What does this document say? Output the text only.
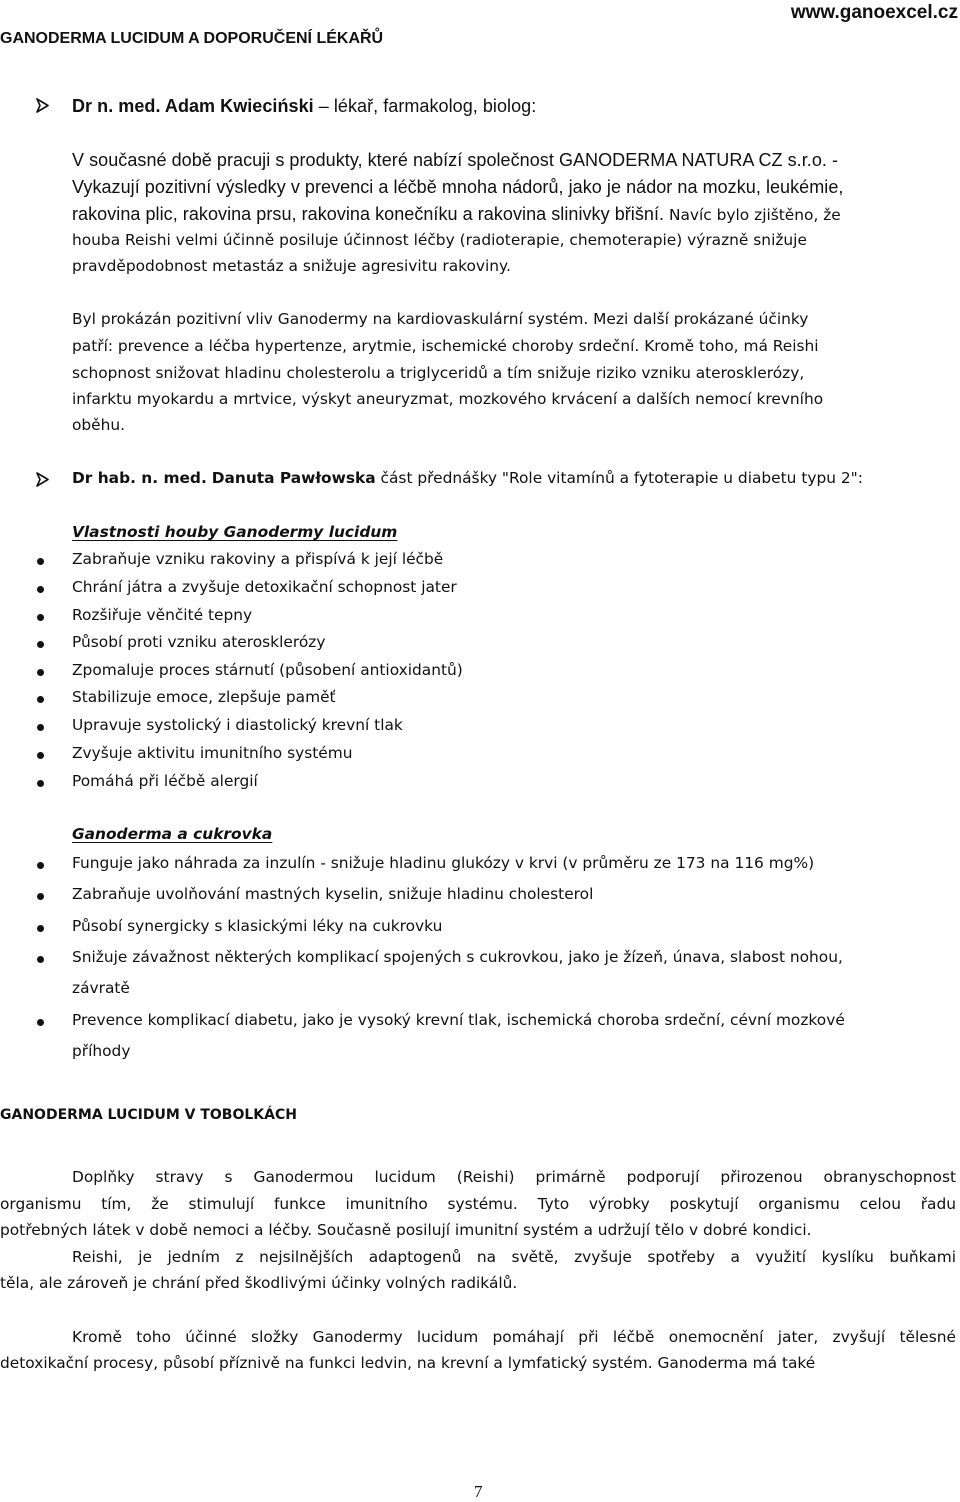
GANODERMA LUCIDUM A DOPORUČENÍ LÉKAŘŮ
www.ganoexcel.cz
Dr n. med. Adam Kwieciński – lékař, farmakolog, biolog:
V současné době pracuji s produkty, které nabízí společnost GANODERMA NATURA CZ s.r.o. -
Vykazují pozitivní výsledky v prevenci a léčbě mnoha nádorů, jako je nádor na mozku, leukémie,
rakovina plic, rakovina prsu, rakovina konečníku a rakovina slinivky břišní. Navíc bylo zjištěno, že
houba Reishi velmi účinně posiluje účinnost léčby (radioterapie, chemoterapie) výrazně snižuje
pravděpodobnost metastáz a snižuje agresivitu rakoviny.
Byl prokázán pozitivní vliv Ganodermy na kardiovaskulární systém. Mezi další prokázané účinky
patří: prevence a léčba hypertenze, arytmie, ischemické choroby srdeční. Kromě toho, má Reishi
schopnost snižovat hladinu cholesterolu a triglyceridů a tím snižuje riziko vzniku aterosklerózy,
infarktu myokardu a mrtvice, výskyt aneuryzmat, mozkového krvácení a dalších nemocí krevního
oběhu.
Dr hab. n. med. Danuta Pawłowska část přednášky "Role vitamínů a fytoterapie u diabetu typu 2":
Vlastnosti houby Ganodermy lucidum
Zabraňuje vzniku rakoviny a přispívá k její léčbě
Chrání játra a zvyšuje detoxikační schopnost jater
Rozšiřuje věnčité tepny
Působí proti vzniku aterosklerózy
Zpomaluje proces stárnutí (působení antioxidantů)
Stabilizuje emoce, zlepšuje paměť
Upravuje systolický i diastolický krevní tlak
Zvyšuje aktivitu imunitního systému
Pomáhá při léčbě alergií
Ganoderma a cukrovka
Funguje jako náhrada za inzulín - snižuje hladinu glukózy v krvi (v průměru ze 173 na 116 mg%)
Zabraňuje uvolňování mastných kyselin, snižuje hladinu cholesterol
Působí synergicky s klasickými léky na cukrovku
Snižuje závažnost některých komplikací spojených s cukrovkou, jako je žízeň, únava, slabost nohou,
závratě
Prevence komplikací diabetu, jako je vysoký krevní tlak, ischemická choroba srdeční, cévní mozkové
příhody
GANODERMA LUCIDUM V TOBOLKÁCH
Doplňky stravy s Ganodermou lucidum (Reishi) primárně podporují přirozenou obranyschopnost
organismu tím, že stimulují funkce imunitního systému. Tyto výrobky poskytují organismu celou řadu
potřebných látek v době nemoci a léčby. Současně posilují imunitní systém a udržují tělo v dobré kondici.
Reishi, je jedním z nejsilnějších adaptogenů na světě, zvyšuje spotřeby a využití kyslíku buňkami
těla, ale zároveň je chrání před škodlivými účinky volných radikálů.
Kromě toho účinné složky Ganodermy lucidum pomáhají při léčbě onemocnění jater, zvyšují tělesné
detoxikační procesy, působí příznivě na funkci ledvin, na krevní a lymfatický systém. Ganoderma má také
7
